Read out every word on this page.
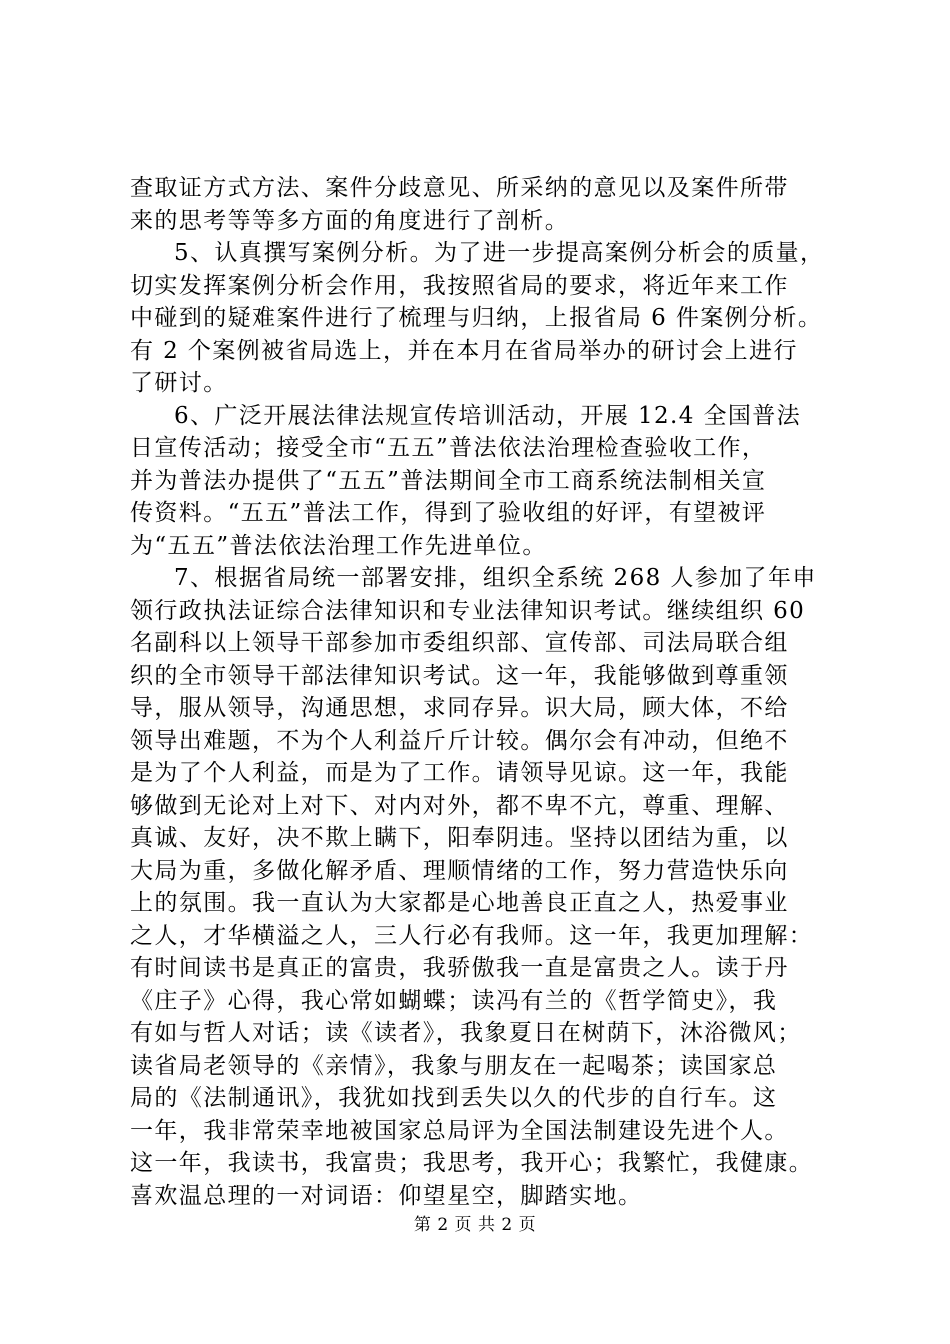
查取证方式方法、案件分歧意见、所采纳的意见以及案件所带
来的思考等等多方面的角度进行了剖析。
5、认真撰写案例分析。为了进一步提高案例分析会的质量，
切实发挥案例分析会作用，我按照省局的要求，将近年来工作
中碰到的疑难案件进行了梳理与归纳，上报省局 6 件案例分析。
有 2 个案例被省局选上，并在本月在省局举办的研讨会上进行
了研讨。
6、广泛开展法律法规宣传培训活动，开展 12.4 全国普法
日宣传活动；接受全市“五五”普法依法治理检查验收工作，
并为普法办提供了“五五”普法期间全市工商系统法制相关宣
传资料。“五五”普法工作，得到了验收组的好评，有望被评
为“五五”普法依法治理工作先进单位。
7、根据省局统一部署安排，组织全系统 268 人参加了年申
领行政执法证综合法律知识和专业法律知识考试。继续组织 60
名副科以上领导干部参加市委组织部、宣传部、司法局联合组
织的全市领导干部法律知识考试。这一年，我能够做到尊重领
导，服从领导，沟通思想，求同存异。识大局，顾大体，不给
领导出难题，不为个人利益斤斤计较。偶尔会有冲动，但绝不
是为了个人利益，而是为了工作。请领导见谅。这一年，我能
够做到无论对上对下、对内对外，都不卑不亢，尊重、理解、
真诚、友好，决不欺上瞒下，阳奉阴违。坚持以团结为重，以
大局为重，多做化解矛盾、理顺情绪的工作，努力营造快乐向
上的氛围。我一直认为大家都是心地善良正直之人，热爱事业
之人，才华横溢之人，三人行必有我师。这一年，我更加理解：
有时间读书是真正的富贵，我骄傲我一直是富贵之人。读于丹
《庄子》心得，我心常如蝴蝶；读冯有兰的《哲学简史》，我
有如与哲人对话；读《读者》，我象夏日在树荫下，沐浴微风；
读省局老领导的《亲情》，我象与朋友在一起喝茶；读国家总
局的《法制通讯》，我犹如找到丢失以久的代步的自行车。这
一年，我非常荣幸地被国家总局评为全国法制建设先进个人。
这一年，我读书，我富贵；我思考，我开心；我繁忙，我健康。
喜欢温总理的一对词语：仰望星空，脚踏实地。
第 2 页 共 2 页
